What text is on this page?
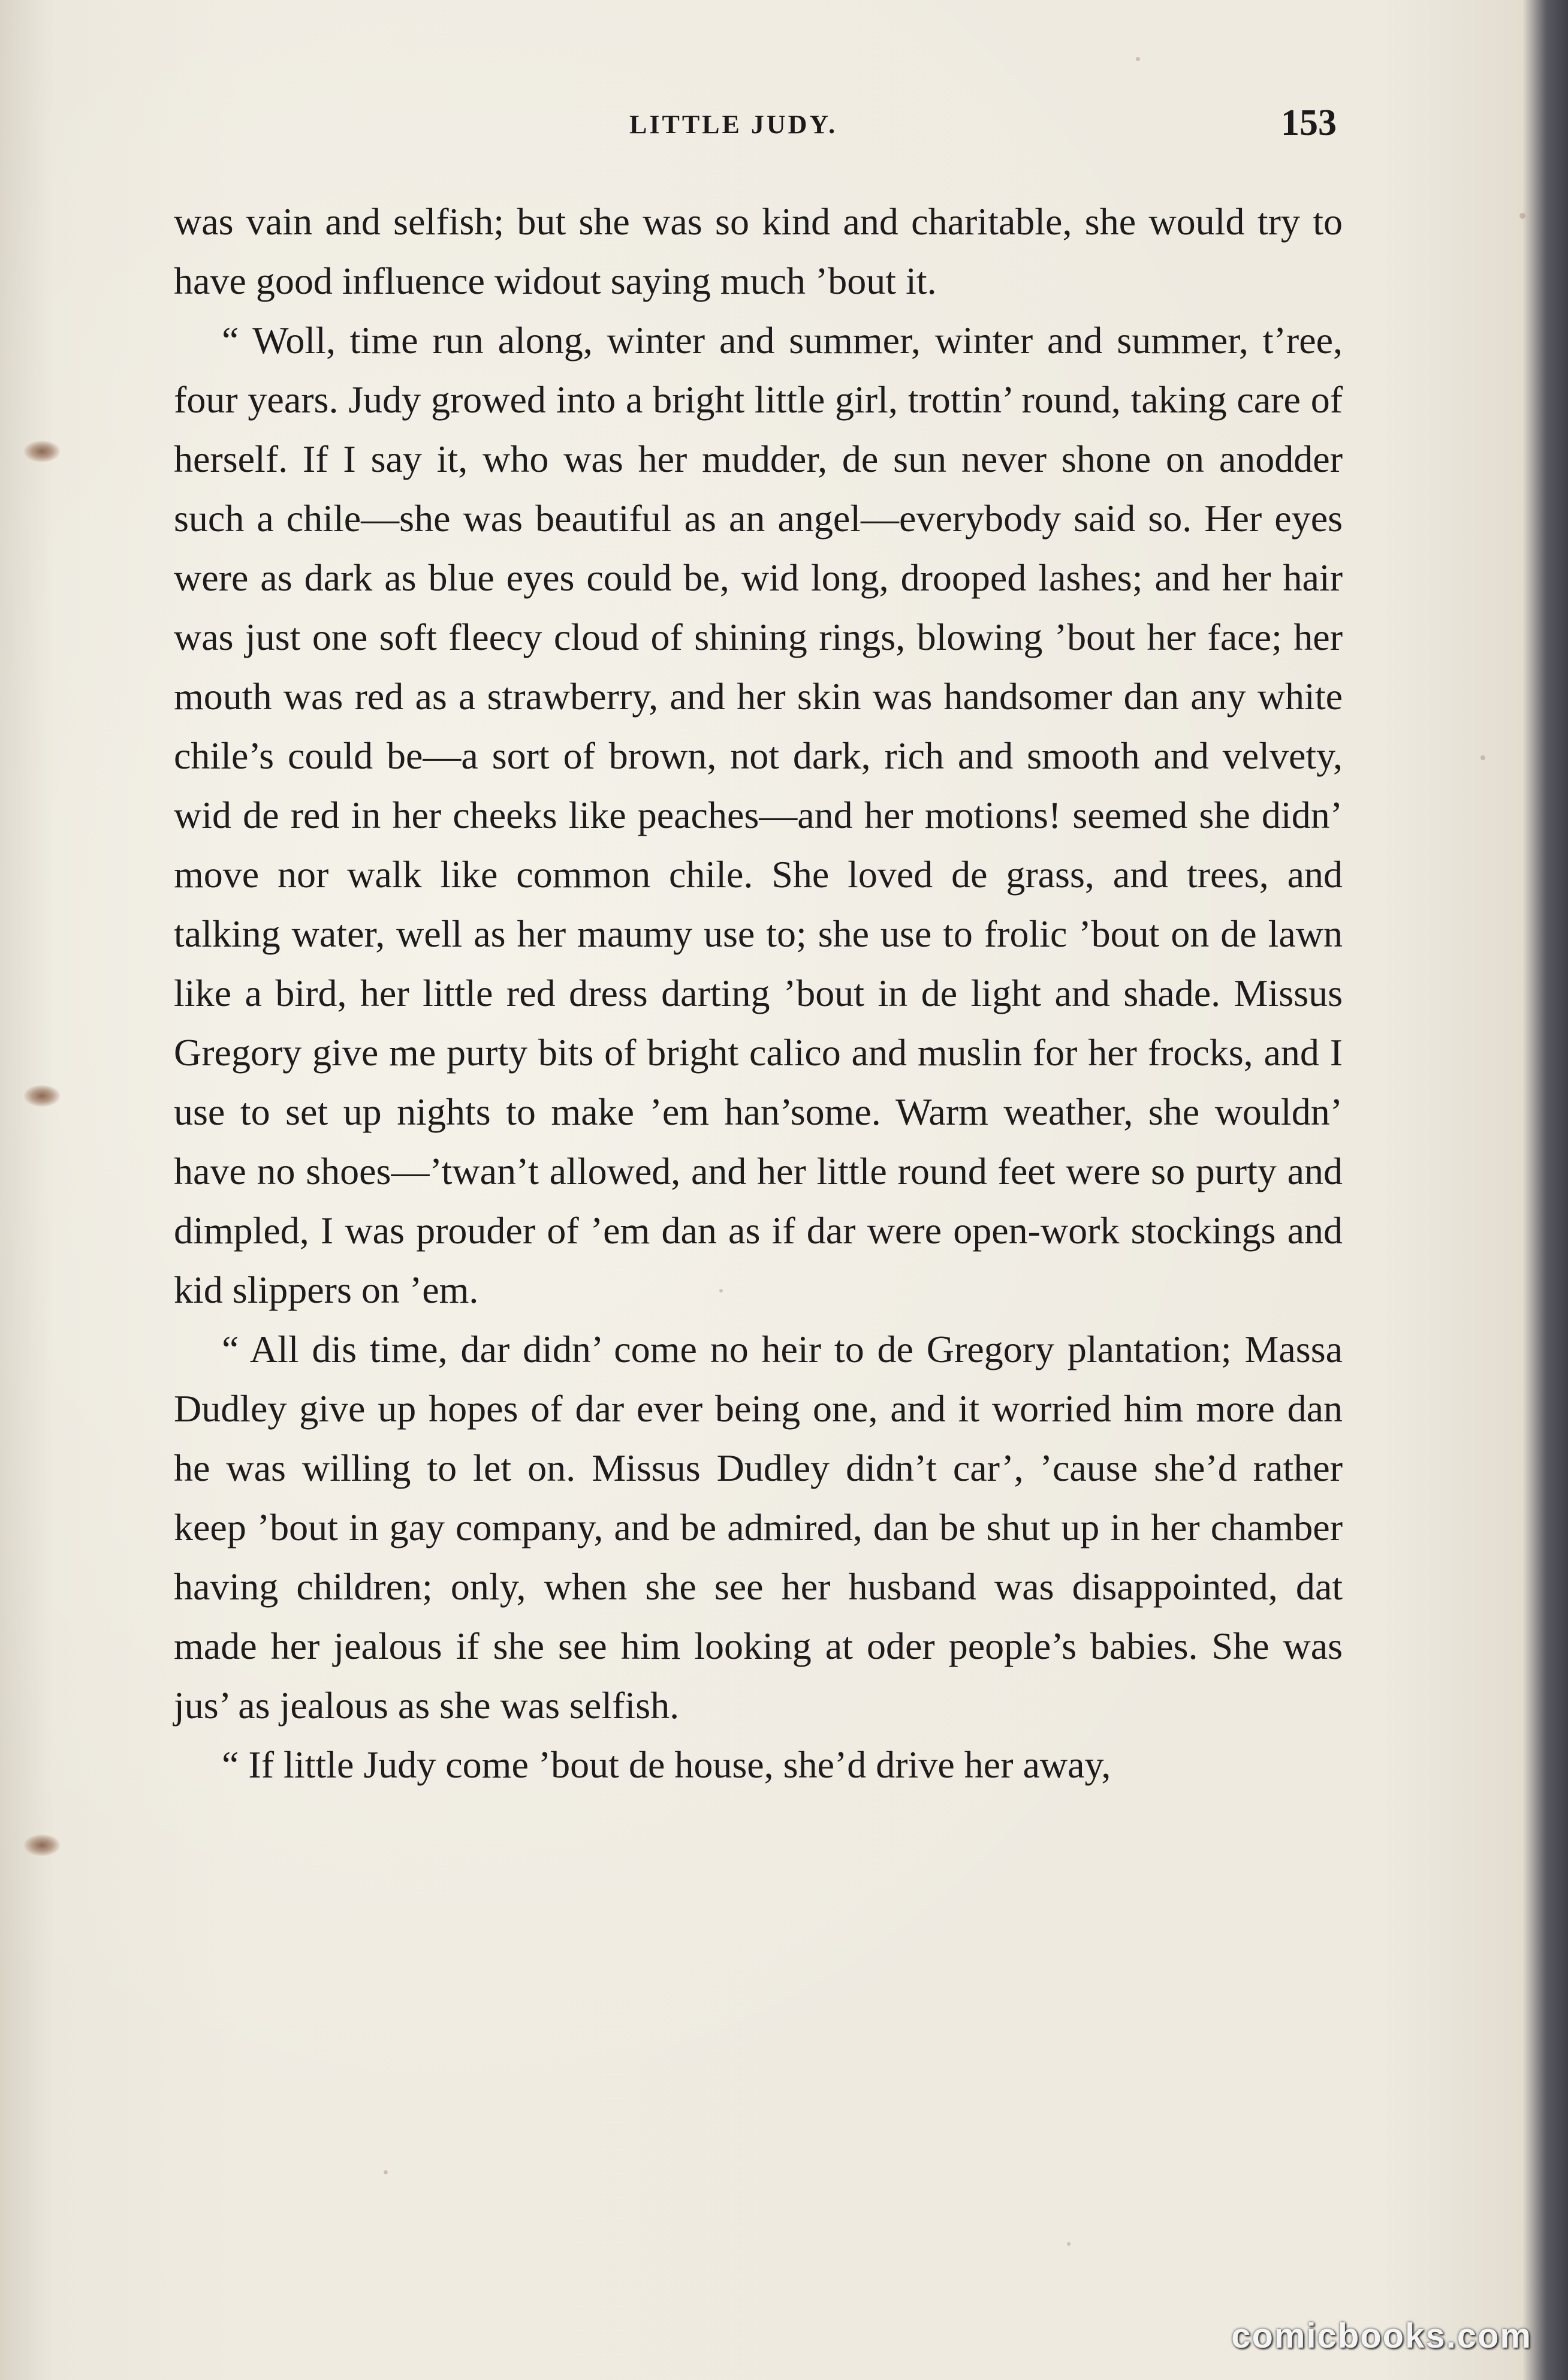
LITTLE JUDY.	153

was vain and selfish; but she was so kind and charitable, she would try to have good influence widout saying much ’bout it.

“ Woll, time run along, winter and summer, winter and summer, t’ree, four years. Judy growed into a bright little girl, trottin’ round, taking care of herself. If I say it, who was her mudder, de sun never shone on anodder such a chile—she was beautiful as an angel—everybody said so. Her eyes were as dark as blue eyes could be, wid long, drooped lashes; and her hair was just one soft fleecy cloud of shining rings, blowing ’bout her face; her mouth was red as a strawberry, and her skin was handsomer dan any white chile’s could be—a sort of brown, not dark, rich and smooth and velvety, wid de red in her cheeks like peaches—and her motions! seemed she didn’ move nor walk like common chile. She loved de grass, and trees, and talking water, well as her maumy use to; she use to frolic ’bout on de lawn like a bird, her little red dress darting ’bout in de light and shade. Missus Gregory give me purty bits of bright calico and muslin for her frocks, and I use to set up nights to make ’em han’some. Warm weather, she wouldn’ have no shoes—’twan’t allowed, and her little round feet were so purty and dimpled, I was prouder of ’em dan as if dar were open-work stockings and kid slippers on ’em.

“ All dis time, dar didn’ come no heir to de Gregory plantation; Massa Dudley give up hopes of dar ever being one, and it worried him more dan he was willing to let on. Missus Dudley didn’t car’, ’cause she’d rather keep ’bout in gay company, and be admired, dan be shut up in her chamber having children; only, when she see her husband was disappointed, dat made her jealous if she see him looking at oder people’s babies. She was jus’ as jealous as she was selfish.

“ If little Judy come ’bout de house, she’d drive her away,

comicbooks.com
